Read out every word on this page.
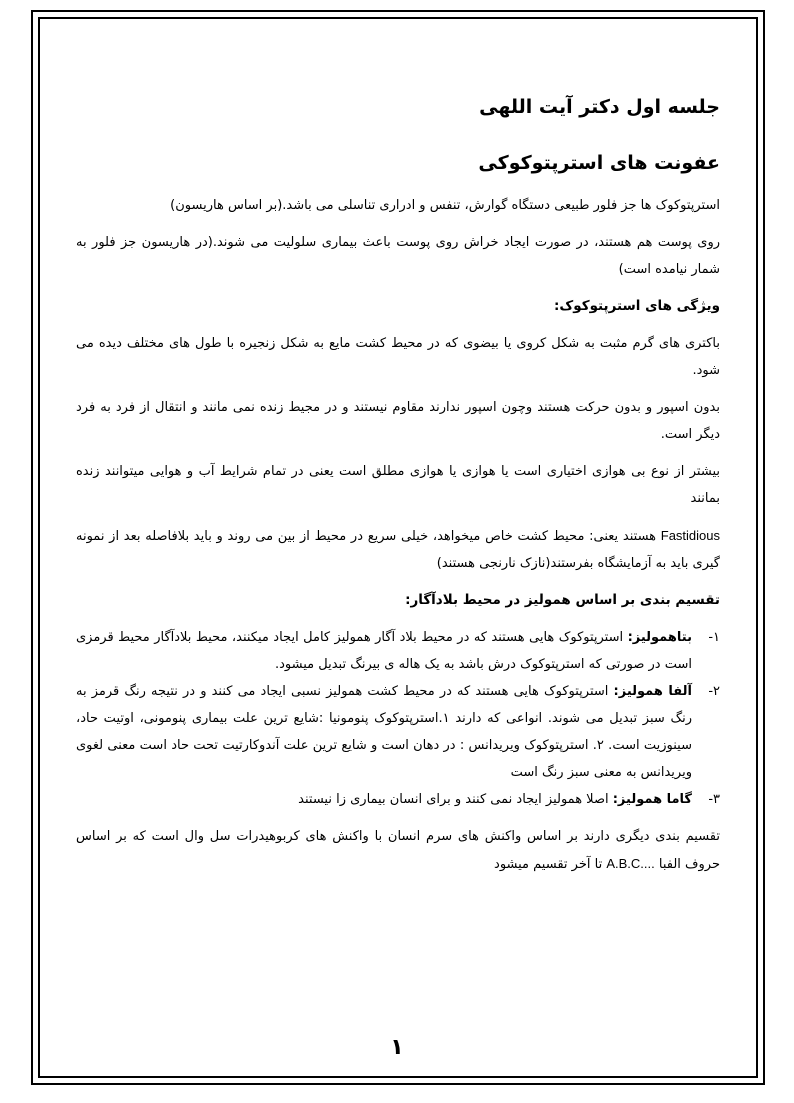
جلسه اول دکتر آیت اللهی
عفونت های استرپتوکوکی

استرپتوکوک ها جز فلور طبیعی دستگاه گوارش، تنفس و ادراری تناسلی می باشد.(بر اساس هاریسون)

روی پوست هم هستند، در صورت ایجاد خراش روی پوست باعث بیماری سلولیت می شوند.(در هاریسون جز فلور به شمار نیامده است)

ویژگی های استرپتوکوک:

باکتری های گرم مثبت به شکل کروی یا بیضوی که در محیط کشت مایع به شکل زنجیره با طول های مختلف دیده می شود.

بدون اسپور و بدون حرکت هستند وچون اسپور ندارند مقاوم نیستند و در مجیط زنده نمی مانند و انتقال از فرد به فرد دیگر است.

بیشتر از نوع بی هوازی اختیاری است یا هوازی یا هوازی مطلق است یعنی در تمام شرایط آب و هوایی میتوانند زنده بمانند

Fastidious هستند یعنی: محیط کشت خاص میخواهد، خیلی سریع در محیط از بین می روند و باید بلافاصله بعد از نمونه گیری باید به آزمایشگاه بفرستند(نازک نارنجی هستند)

تقسیم بندی بر اساس همولیز در محیط بلادآگار:
۱-
بتاهمولیز: استرپتوکوک هایی هستند که در محیط بلاد آگار همولیز کامل ایجاد میکنند، محیط بلادآگار محیط قرمزی است در صورتی که استرپتوکوک درش باشد به یک هاله ی بیرنگ تبدیل میشود.
۲-
آلفا همولیز: استرپتوکوک هایی هستند که در محیط کشت همولیز نسبی ایجاد می کنند و در نتیجه رنگ قرمز به رنگ سبز تبدیل می شوند. انواعی که دارند ۱.استرپتوکوک پنومونیا :شایع ترین علت بیماری پنومونی، اوتیت حاد، سینوزیت است. ۲. استرپتوکوک ویریدانس : در دهان است و شایع ترین علت آندوکارتیت تحت حاد است معنی لغوی ویریدانس به معنی سبز رنگ است
۳-
گاما همولیز: اصلا همولیز ایجاد نمی کنند و برای انسان بیماری زا نیستند

تقسیم بندی دیگری دارند بر اساس واکنش های سرم انسان با واکنش های کربوهیدرات سل وال است که بر اساس حروف الفبا A.B.C.... تا آخر تقسیم میشود

۱
